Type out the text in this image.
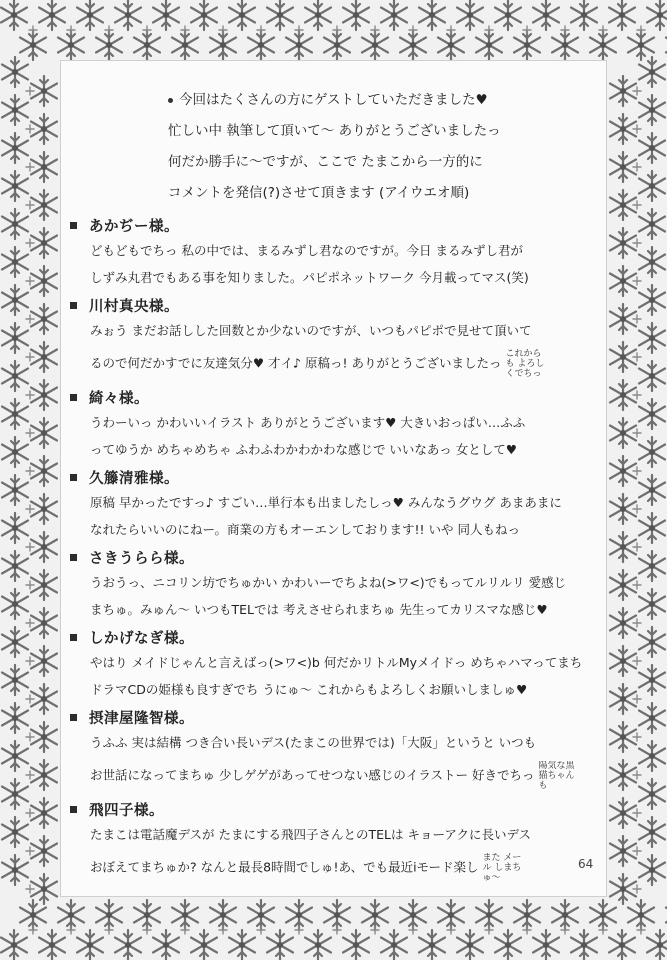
今回はたくさんの方にゲストしていただきました♥

忙しい中 執筆して頂いて〜 ありがとうございましたっ

何だか勝手に〜ですが、ここで たまこから一方的に

コメントを発信(?)させて頂きます (アイウエオ順)

あかぢー様。
どもどもでちっ 私の中では、まるみずし君なのですが。今日 まるみずし君が
しずみ丸君でもある事を知りました。パピポネットワーク 今月載ってマス(笑)
川村真央様。
みぉう まだお話しした回数とか少ないのですが、いつもパピポで見せて頂いて
るので何だかすでに友達気分♥ 才イ♪ 原稿っ! ありがとうございましたっこれからも よろしくでちっ
綺々様。
うわーいっ かわいいイラスト ありがとうございます♥ 大きいおっぱい…ふふ
ってゆうか めちゃめちゃ ふわふわかわかわな感じで いいなあっ 女として♥
久籐清雅様。
原稿 早かったですっ♪ すごい…単行本も出ましたしっ♥ みんなうグウグ あまあまに
なれたらいいのにねー。商業の方もオーエンしております!! いや 同人もねっ
さきうらら様。
うおうっ、ニコリン坊でちゅかい かわいーでちよね(>ワ<)でもってルリルリ 愛感じ
まちゅ。みゅん〜 いつもTELでは 考えさせられまちゅ 先生ってカリスマな感じ♥
しかげなぎ様。
やはり メイドじゃんと言えばっ(>ワ<)b 何だかリトルMyメイドっ めちゃハマってまち
ドラマCDの姫様も良すぎでち うにゅ〜 これからもよろしくお願いしましゅ♥
摂津屋隆智様。
うふふ 実は結構 つき合い長いデス(たまこの世界では)「大阪」というと いつも
お世話になってまちゅ 少しゲゲがあってせつない感じのイラストー 好きでちっ陽気な黒猫ちゃんも
飛四子様。
たまこは電話魔デスが たまにする飛四子さんとのTELは キョーアクに長いデス
おぼえてまちゅか? なんと最長8時間でしゅ!あ、でも最近iモード楽しまた メール しまちゅ〜
64
